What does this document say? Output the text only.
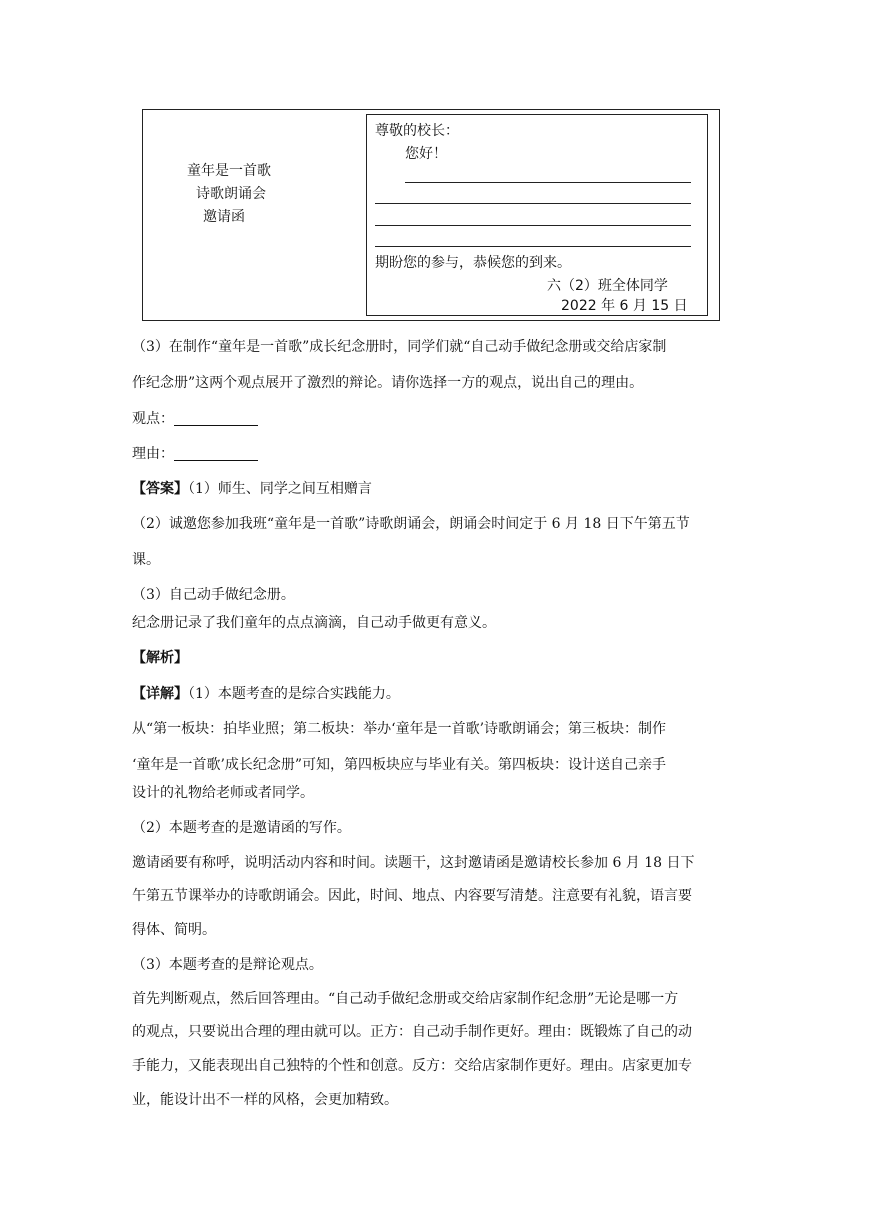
童年是一首歌
诗歌朗诵会
邀请函
尊敬的校长：
您好！
期盼您的参与，恭候您的到来。
六（2）班全体同学
2022 年 6 月 15 日
（3）在制作“童年是一首歌”成长纪念册时，同学们就“自己动手做纪念册或交给店家制
作纪念册”这两个观点展开了激烈的辩论。请你选择一方的观点，说出自己的理由。
观点：
理由：
【答案】（1）师生、同学之间互相赠言
（2）诚邀您参加我班“童年是一首歌”诗歌朗诵会，朗诵会时间定于 6 月 18 日下午第五节
课。
（3）自己动手做纪念册。
纪念册记录了我们童年的点点滴滴，自己动手做更有意义。
【解析】
【详解】（1）本题考查的是综合实践能力。
从“第一板块：拍毕业照；第二板块：举办‘童年是一首歌’诗歌朗诵会；第三板块：制作
‘童年是一首歌’成长纪念册”可知，第四板块应与毕业有关。第四板块：设计送自己亲手
设计的礼物给老师或者同学。
（2）本题考查的是邀请函的写作。
邀请函要有称呼，说明活动内容和时间。读题干，这封邀请函是邀请校长参加 6 月 18 日下
午第五节课举办的诗歌朗诵会。因此，时间、地点、内容要写清楚。注意要有礼貌，语言要
得体、简明。
（3）本题考查的是辩论观点。
首先判断观点，然后回答理由。“自己动手做纪念册或交给店家制作纪念册”无论是哪一方
的观点，只要说出合理的理由就可以。正方：自己动手制作更好。理由：既锻炼了自己的动
手能力，又能表现出自己独特的个性和创意。反方：交给店家制作更好。理由。店家更加专
业，能设计出不一样的风格，会更加精致。
